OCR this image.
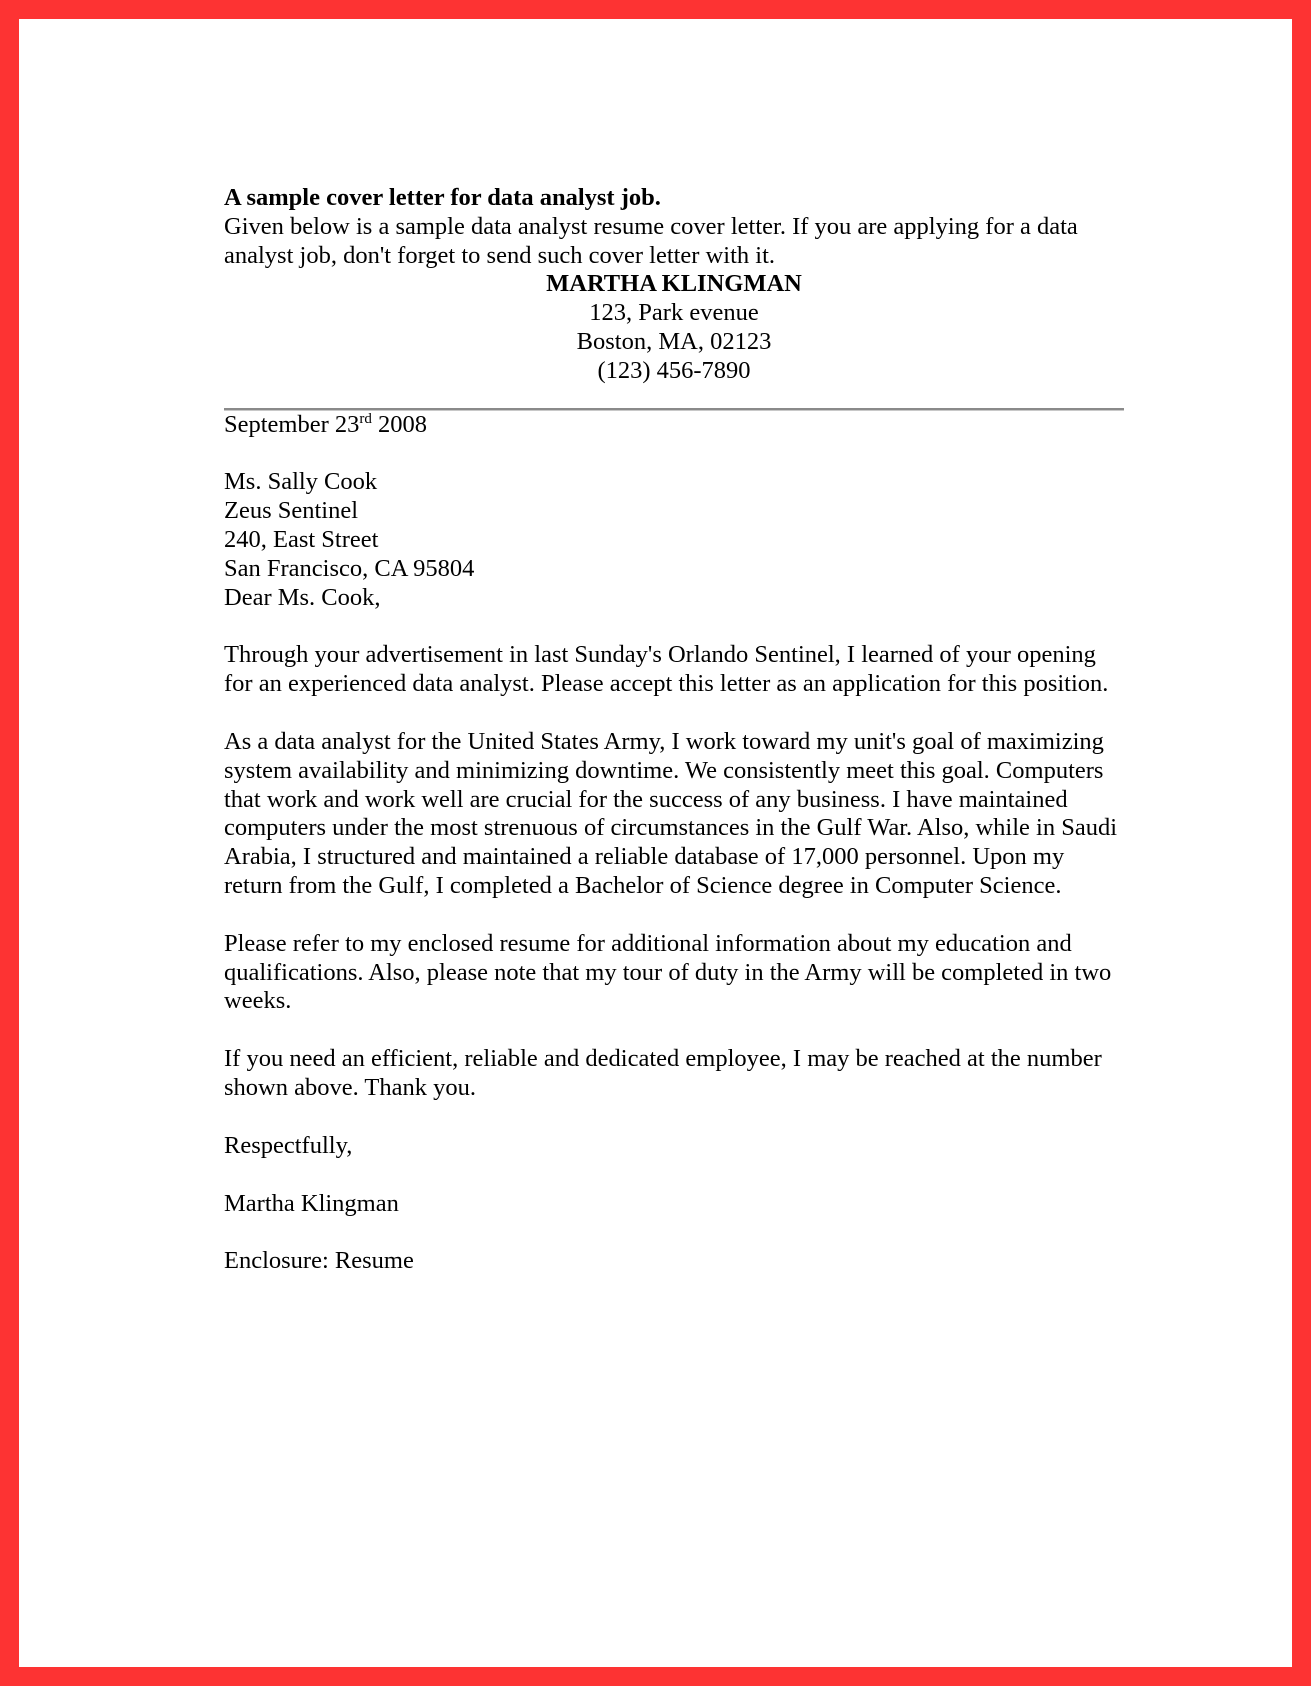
A sample cover letter for data analyst job.

Given below is a sample data analyst resume cover letter. If you are applying for a data analyst job, don't forget to send such cover letter with it.

MARTHA KLINGMAN

123, Park evenue

Boston, MA, 02123

(123) 456-7890

September 23rd 2008

Ms. Sally Cook

Zeus Sentinel

240, East Street

San Francisco, CA 95804

Dear Ms. Cook,

Through your advertisement in last Sunday's Orlando Sentinel, I learned of your opening for an experienced data analyst. Please accept this letter as an application for this position.

As a data analyst for the United States Army, I work toward my unit's goal of maximizing system availability and minimizing downtime. We consistently meet this goal. Computers that work and work well are crucial for the success of any business. I have maintained computers under the most strenuous of circumstances in the Gulf War. Also, while in Saudi Arabia, I structured and maintained a reliable database of 17,000 personnel. Upon my return from the Gulf, I completed a Bachelor of Science degree in Computer Science.

Please refer to my enclosed resume for additional information about my education and qualifications. Also, please note that my tour of duty in the Army will be completed in two weeks.

If you need an efficient, reliable and dedicated employee, I may be reached at the number shown above. Thank you.

Respectfully,

Martha Klingman

Enclosure: Resume
